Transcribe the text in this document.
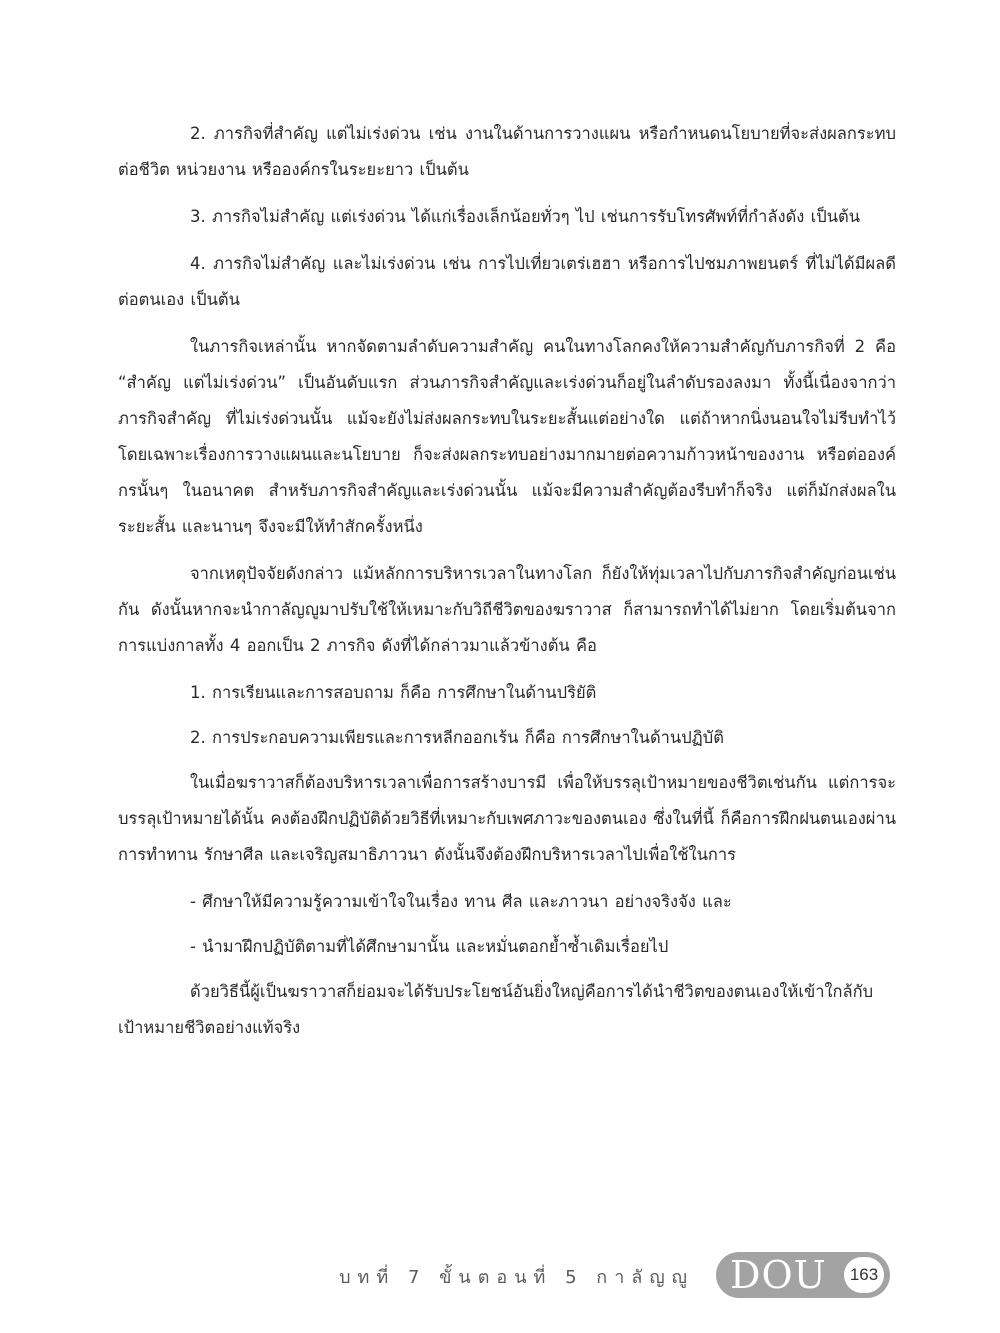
2. ภารกิจที่สำคัญ แต่ไม่เร่งด่วน เช่น งานในด้านการวางแผน หรือกำหนดนโยบายที่จะส่งผลกระทบต่อชีวิต หน่วยงาน หรือองค์กรในระยะยาว เป็นต้น

3. ภารกิจไม่สำคัญ แต่เร่งด่วน ได้แก่เรื่องเล็กน้อยทั่วๆ ไป เช่นการรับโทรศัพท์ที่กำลังดัง เป็นต้น

4. ภารกิจไม่สำคัญ และไม่เร่งด่วน เช่น การไปเที่ยวเตร่เฮฮา หรือการไปชมภาพยนตร์ ที่ไม่ได้มีผลดีต่อตนเอง เป็นต้น

ในภารกิจเหล่านั้น หากจัดตามลำดับความสำคัญ คนในทางโลกคงให้ความสำคัญกับภารกิจที่ 2 คือ “สำคัญ แต่ไม่เร่งด่วน” เป็นอันดับแรก ส่วนภารกิจสำคัญและเร่งด่วนก็อยู่ในลำดับรองลงมา ทั้งนี้เนื่องจากว่าภารกิจสำคัญ ที่ไม่เร่งด่วนนั้น แม้จะยังไม่ส่งผลกระทบในระยะสั้นแต่อย่างใด แต่ถ้าหากนิ่งนอนใจไม่รีบทำไว้โดยเฉพาะเรื่องการวางแผนและนโยบาย ก็จะส่งผลกระทบอย่างมากมายต่อความก้าวหน้าของงาน หรือต่อองค์กรนั้นๆ ในอนาคต สำหรับภารกิจสำคัญและเร่งด่วนนั้น แม้จะมีความสำคัญต้องรีบทำก็จริง แต่ก็มักส่งผลในระยะสั้น และนานๆ จึงจะมีให้ทำสักครั้งหนึ่ง

จากเหตุปัจจัยดังกล่าว แม้หลักการบริหารเวลาในทางโลก ก็ยังให้ทุ่มเวลาไปกับภารกิจสำคัญก่อนเช่นกัน ดังนั้นหากจะนำกาลัญญูมาปรับใช้ให้เหมาะกับวิถีชีวิตของฆราวาส ก็สามารถทำได้ไม่ยาก โดยเริ่มต้นจากการแบ่งกาลทั้ง 4 ออกเป็น 2 ภารกิจ ดังที่ได้กล่าวมาแล้วข้างต้น คือ

1. การเรียนและการสอบถาม ก็คือ การศึกษาในด้านปริยัติ

2. การประกอบความเพียรและการหลีกออกเร้น ก็คือ การศึกษาในด้านปฏิบัติ

ในเมื่อฆราวาสก็ต้องบริหารเวลาเพื่อการสร้างบารมี เพื่อให้บรรลุเป้าหมายของชีวิตเช่นกัน แต่การจะบรรลุเป้าหมายได้นั้น คงต้องฝึกปฏิบัติด้วยวิธีที่เหมาะกับเพศภาวะของตนเอง ซึ่งในที่นี้ ก็คือการฝึกฝนตนเองผ่านการทำทาน รักษาศีล และเจริญสมาธิภาวนา ดังนั้นจึงต้องฝึกบริหารเวลาไปเพื่อใช้ในการ

- ศึกษาให้มีความรู้ความเข้าใจในเรื่อง ทาน ศีล และภาวนา อย่างจริงจัง และ

- นำมาฝึกปฏิบัติตามที่ได้ศึกษามานั้น และหมั่นตอกย้ำซ้ำเดิมเรื่อยไป

ด้วยวิธีนี้ผู้เป็นฆราวาสก็ย่อมจะได้รับประโยชน์อันยิ่งใหญ่คือการได้นำชีวิตของตนเองให้เข้าใกล้กับเป้าหมายชีวิตอย่างแท้จริง

บทที่ 7 ขั้นตอนที่ 5 กาลัญญู DOU	163
